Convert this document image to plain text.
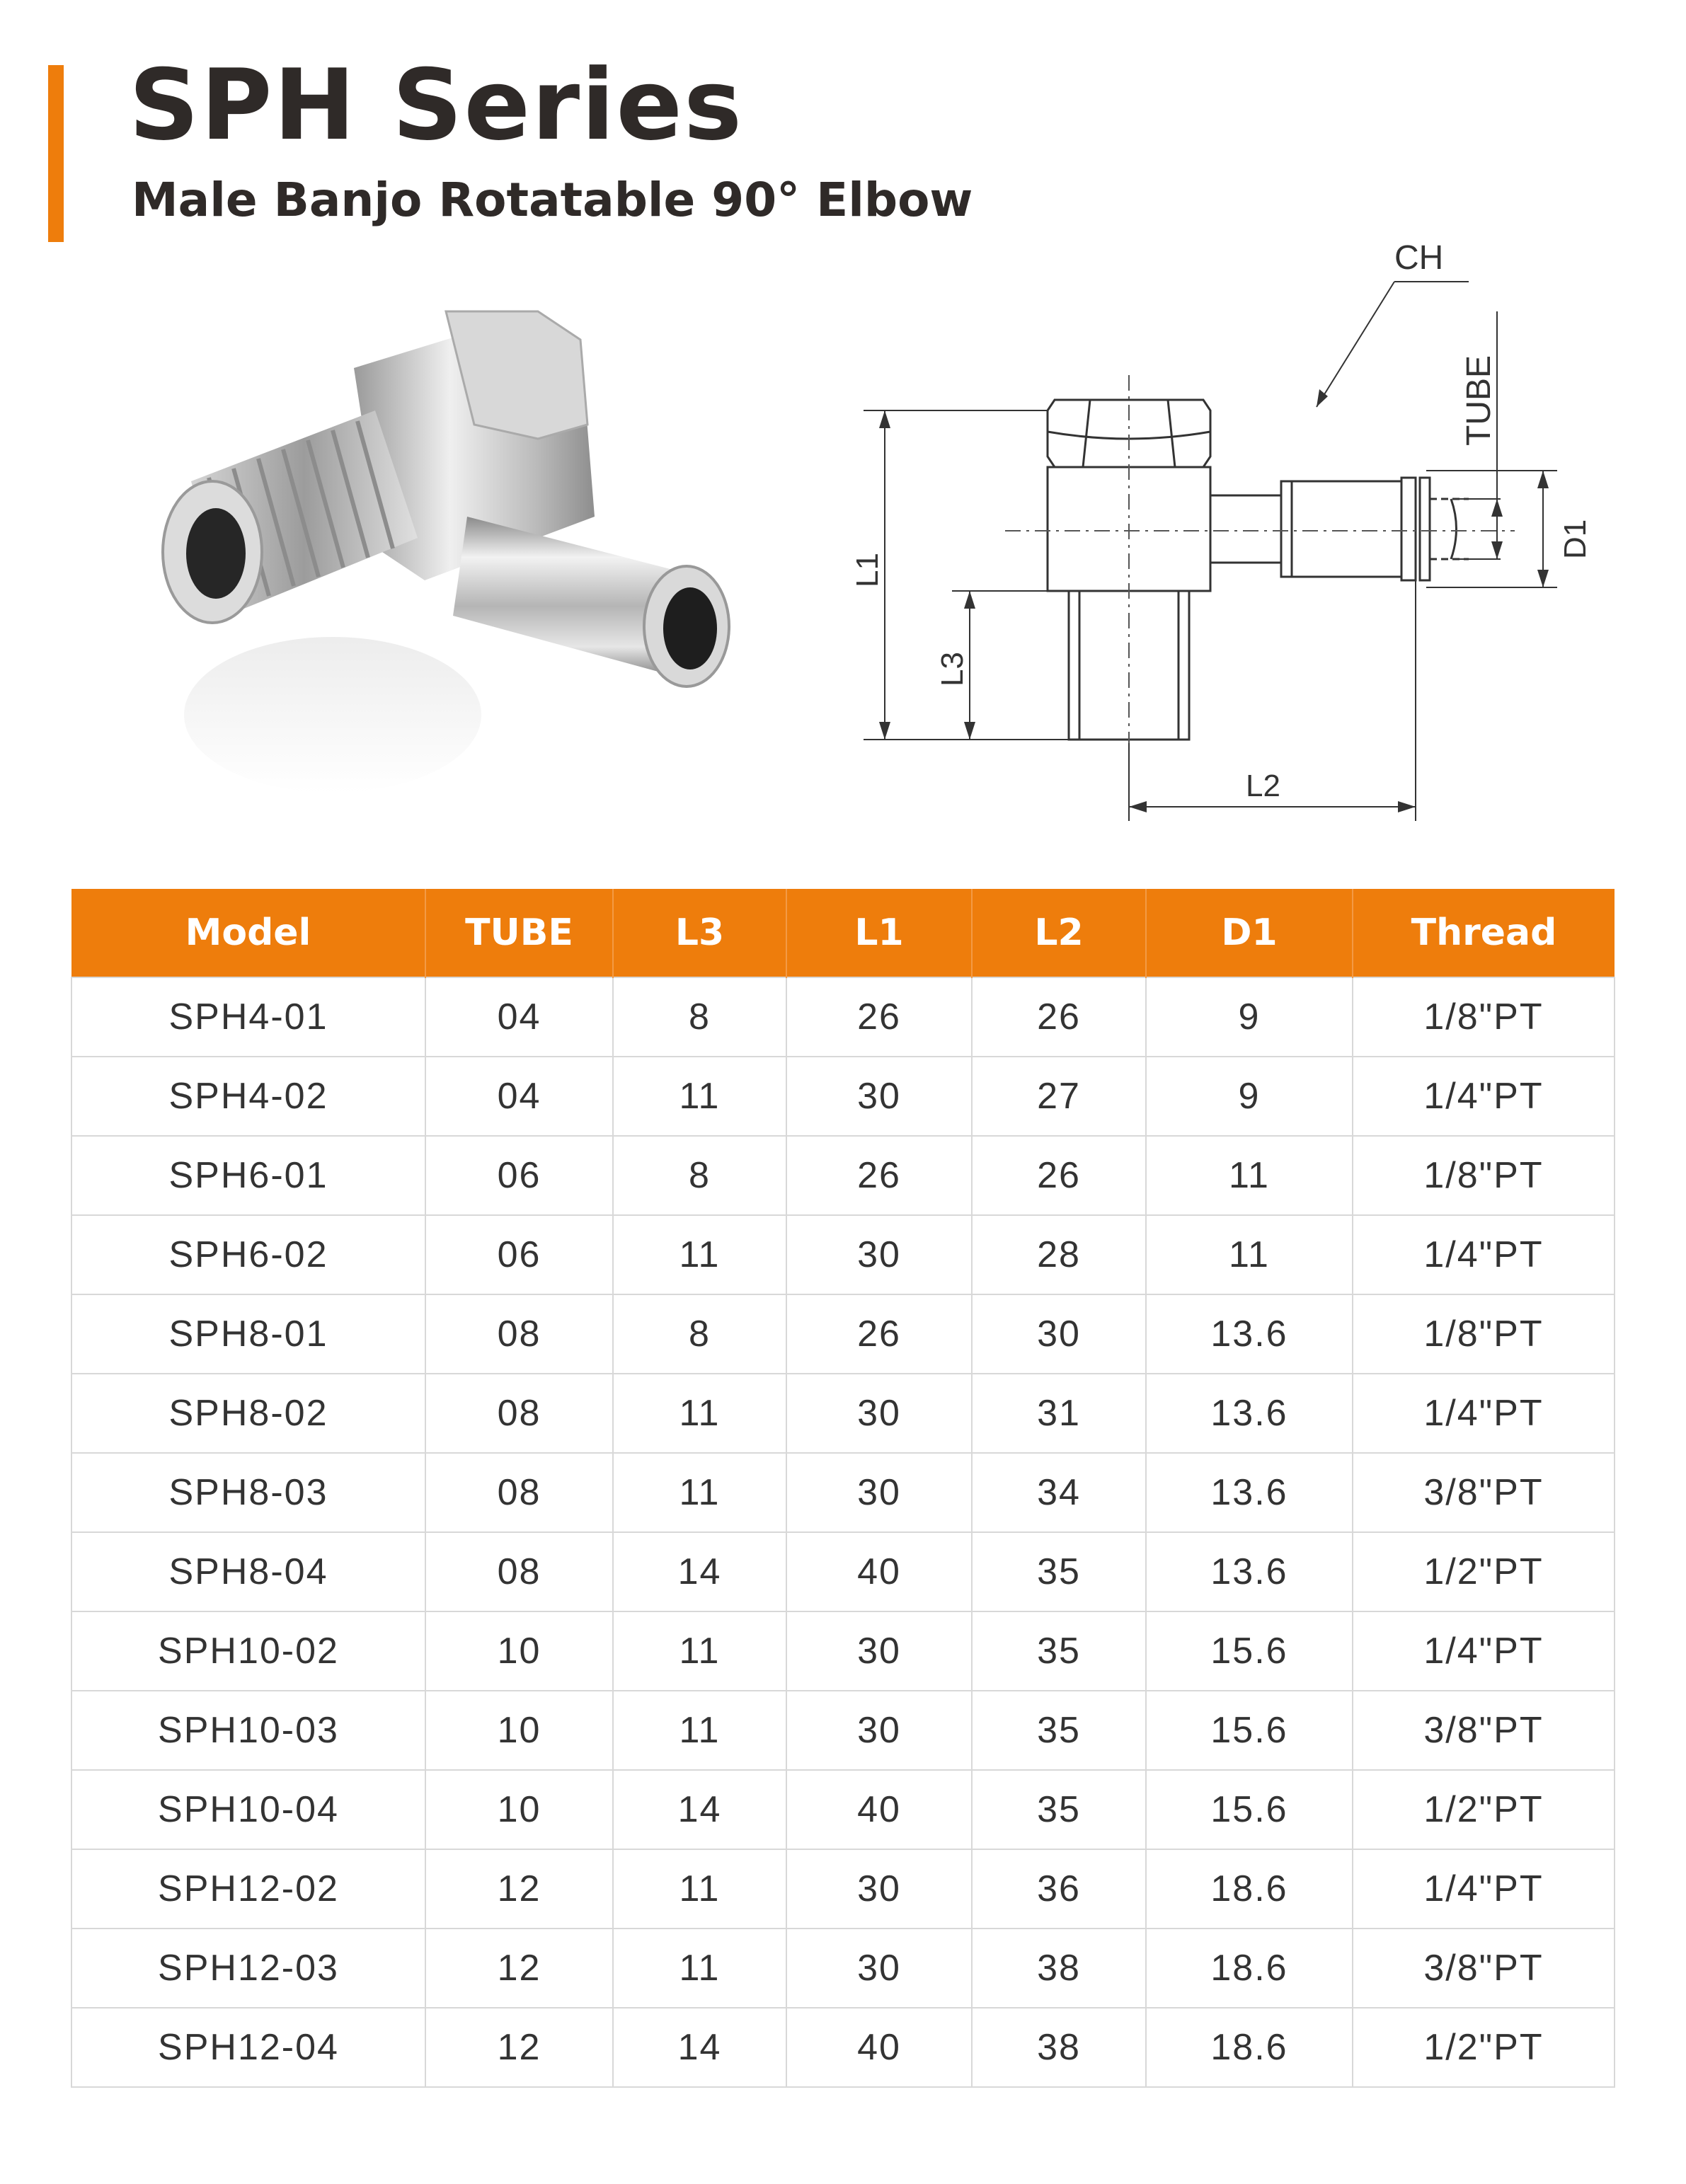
SPH Series
Male Banjo Rotatable 90° Elbow
CH
TUBE
D1
L1
L3
L2
Model	TUBE	L3	L1	L2	D1	Thread
SPH4-01	04	8	26	26	9	1/8"PT
SPH4-02	04	11	30	27	9	1/4"PT
SPH6-01	06	8	26	26	11	1/8"PT
SPH6-02	06	11	30	28	11	1/4"PT
SPH8-01	08	8	26	30	13.6	1/8"PT
SPH8-02	08	11	30	31	13.6	1/4"PT
SPH8-03	08	11	30	34	13.6	3/8"PT
SPH8-04	08	14	40	35	13.6	1/2"PT
SPH10-02	10	11	30	35	15.6	1/4"PT
SPH10-03	10	11	30	35	15.6	3/8"PT
SPH10-04	10	14	40	35	15.6	1/2"PT
SPH12-02	12	11	30	36	18.6	1/4"PT
SPH12-03	12	11	30	38	18.6	3/8"PT
SPH12-04	12	14	40	38	18.6	1/2"PT
